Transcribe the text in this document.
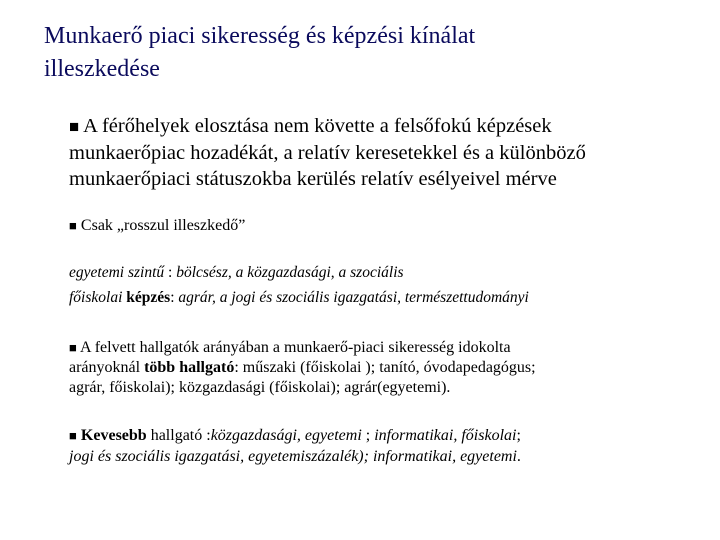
Munkaerő piaci sikeresség és képzési kínálat
illeszkedése
■ A férőhelyek elosztása nem követte a felsőfokú képzések
munkaerőpiac hozadékát, a relatív keresetekkel és a különböző
munkaerőpiaci státuszokba kerülés relatív esélyeivel mérve
■ Csak „rosszul illeszkedő”
egyetemi szintű : bölcsész, a közgazdasági, a szociális
főiskolai képzés: agrár, a jogi és szociális igazgatási, természettudományi
■ A felvett hallgatók arányában a munkaerő-piaci sikeresség idokolta
arányoknál több hallgató: műszaki (főiskolai ); tanító, óvodapedagógus;
agrár, főiskolai); közgazdasági (főiskolai); agrár(egyetemi).
■ Kevesebb hallgató :közgazdasági, egyetemi ; informatikai, főiskolai;
jogi és szociális igazgatási, egyetemiszázalék); informatikai, egyetemi.
